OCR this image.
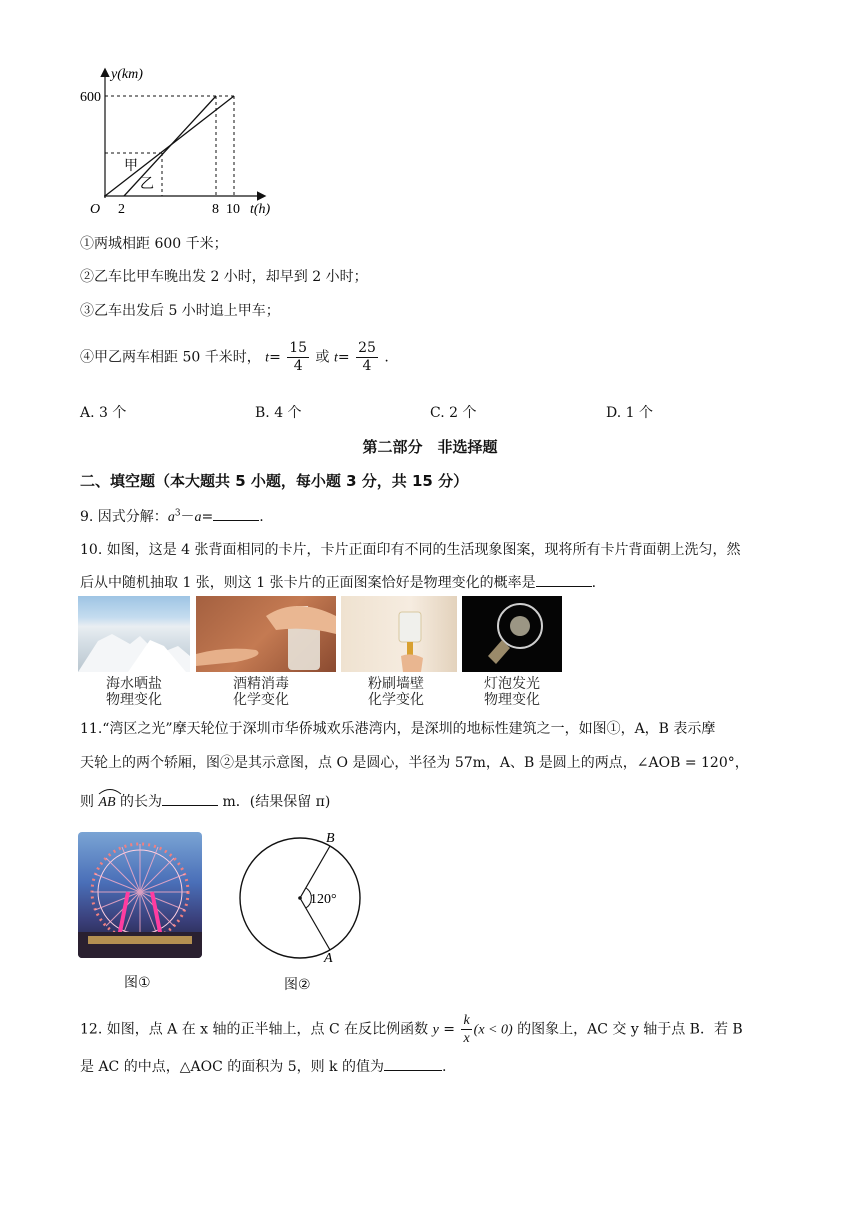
y(km)
600
O 2	8 10 t(h)
甲
乙
①两城相距 600 千米；
②乙车比甲车晚出发 2 小时，却早到 2 小时；
③乙车出发后 5 小时追上甲车；
④甲乙两车相距 50 千米时， $t= \frac{15}{4}$ 或 $t= \frac{25}{4}$ .
A. 3 个	B. 4 个	C. 2 个	D. 1 个
第二部分　非选择题
二、填空题（本大题共 5 小题，每小题 3 分，共 15 分）
9. 因式分解：$a^3-a=$	.
10. 如图，这是 4 张背面相同的卡片，卡片正面印有不同的生活现象图案，现将所有卡片背面朝上洗匀，然
后从中随机抽取 1 张，则这 1 张卡片的正面图案恰好是物理变化的概率是	.
海水晒盐
物理变化
酒精消毒
化学变化
粉刷墙壁
化学变化
灯泡发光
物理变化
11.“湾区之光”摩天轮位于深圳市华侨城欢乐港湾内，是深圳的地标性建筑之一，如图①，A，B 表示摩
天轮上的两个轿厢，图②是其示意图，点 O 是圆心，半径为 57m，A、B 是圆上的两点，∠AOB = 120°，
则
AB 的长为	m．(结果保留 π)
图①
120°
B
A
图②
12. 如图，点 A 在 x 轴的正半轴上，点 C 在反比例函数 $y = \frac{k}{x} (x < 0)$ 的图象上，AC 交 y 轴于点 B．若 B
是 AC 的中点，△AOC 的面积为 5，则 k 的值为	.
